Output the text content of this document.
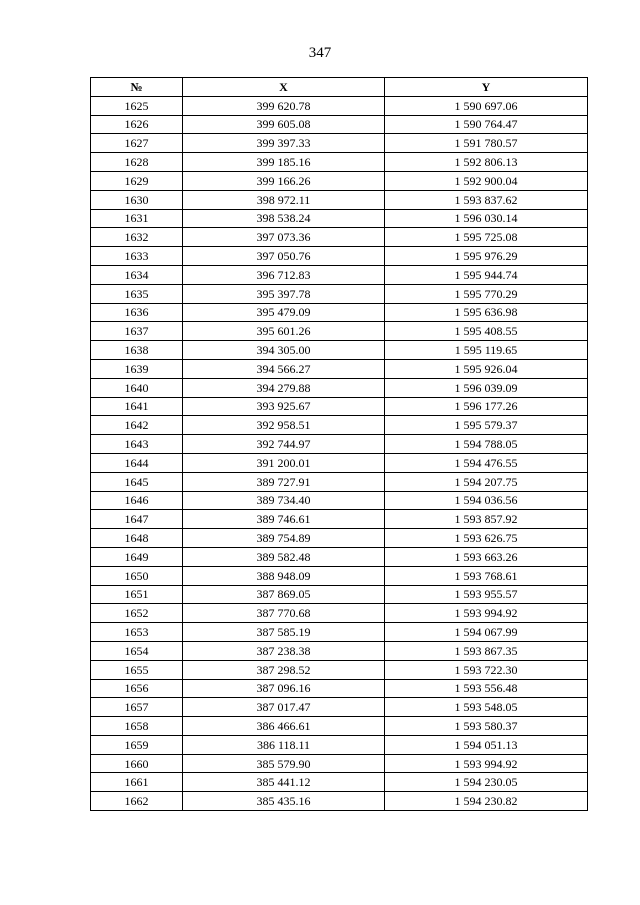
347
№	X	Y
1625	399 620.78	1 590 697.06
1626	399 605.08	1 590 764.47
1627	399 397.33	1 591 780.57
1628	399 185.16	1 592 806.13
1629	399 166.26	1 592 900.04
1630	398 972.11	1 593 837.62
1631	398 538.24	1 596 030.14
1632	397 073.36	1 595 725.08
1633	397 050.76	1 595 976.29
1634	396 712.83	1 595 944.74
1635	395 397.78	1 595 770.29
1636	395 479.09	1 595 636.98
1637	395 601.26	1 595 408.55
1638	394 305.00	1 595 119.65
1639	394 566.27	1 595 926.04
1640	394 279.88	1 596 039.09
1641	393 925.67	1 596 177.26
1642	392 958.51	1 595 579.37
1643	392 744.97	1 594 788.05
1644	391 200.01	1 594 476.55
1645	389 727.91	1 594 207.75
1646	389 734.40	1 594 036.56
1647	389 746.61	1 593 857.92
1648	389 754.89	1 593 626.75
1649	389 582.48	1 593 663.26
1650	388 948.09	1 593 768.61
1651	387 869.05	1 593 955.57
1652	387 770.68	1 593 994.92
1653	387 585.19	1 594 067.99
1654	387 238.38	1 593 867.35
1655	387 298.52	1 593 722.30
1656	387 096.16	1 593 556.48
1657	387 017.47	1 593 548.05
1658	386 466.61	1 593 580.37
1659	386 118.11	1 594 051.13
1660	385 579.90	1 593 994.92
1661	385 441.12	1 594 230.05
1662	385 435.16	1 594 230.82
